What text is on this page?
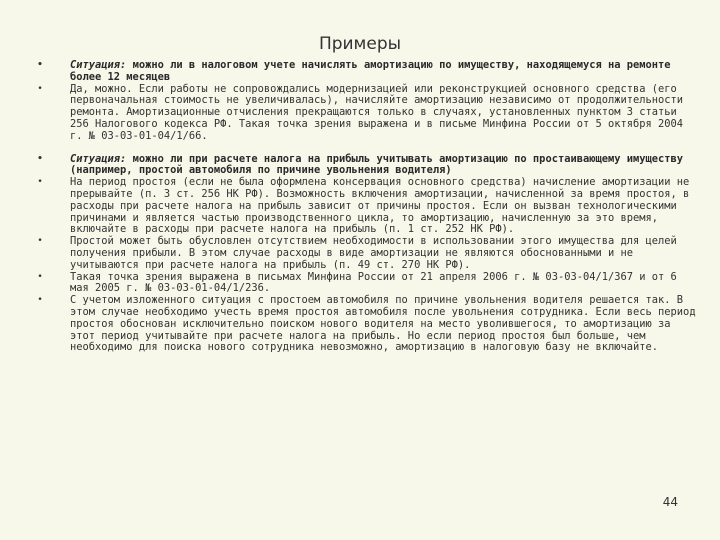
Примеры
•	Ситуация: можно ли в налоговом учете начислять амортизацию по имуществу, находящемуся на ремонте более 12 месяцев
•	Да, можно. Если работы не сопровождались модернизацией или реконструкцией основного средства (его первоначальная стоимость не увеличивалась), начисляйте амортизацию независимо от продолжительности ремонта. Амортизационные отчисления прекращаются только в случаях, установленных пунктом 3 статьи 256 Налогового кодекса РФ. Такая точка зрения выражена и в письме Минфина России от 5 октября 2004 г. № 03-03-01-04/1/66.
•	Ситуация: можно ли при расчете налога на прибыль учитывать амортизацию по простаивающему имуществу (например, простой автомобиля по причине увольнения водителя)
•	На период простоя (если не была оформлена консервация основного средства) начисление амортизации не прерывайте (п. 3 ст. 256 НК РФ). Возможность включения амортизации, начисленной за время простоя, в расходы при расчете налога на прибыль зависит от причины простоя. Если он вызван технологическими причинами и является частью производственного цикла, то амортизацию, начисленную за это время, включайте в расходы при расчете налога на прибыль (п. 1 ст. 252 НК РФ).
•	Простой может быть обусловлен отсутствием необходимости в использовании этого имущества для целей получения прибыли. В этом случае расходы в виде амортизации не являются обоснованными и не учитываются при расчете налога на прибыль (п. 49 ст. 270 НК РФ).
•	Такая точка зрения выражена в письмах Минфина России от 21 апреля 2006 г. № 03-03-04/1/367 и от 6 мая 2005 г. № 03-03-01-04/1/236.
•	С учетом изложенного ситуация с простоем автомобиля по причине увольнения водителя решается так. В этом случае необходимо учесть время простоя автомобиля после увольнения сотрудника. Если весь период простоя обоснован исключительно поиском нового водителя на место уволившегося, то амортизацию за этот период учитывайте при расчете налога на прибыль. Но если период простоя был больше, чем необходимо для поиска нового сотрудника невозможно, амортизацию в налоговую базу не включайте.
44
